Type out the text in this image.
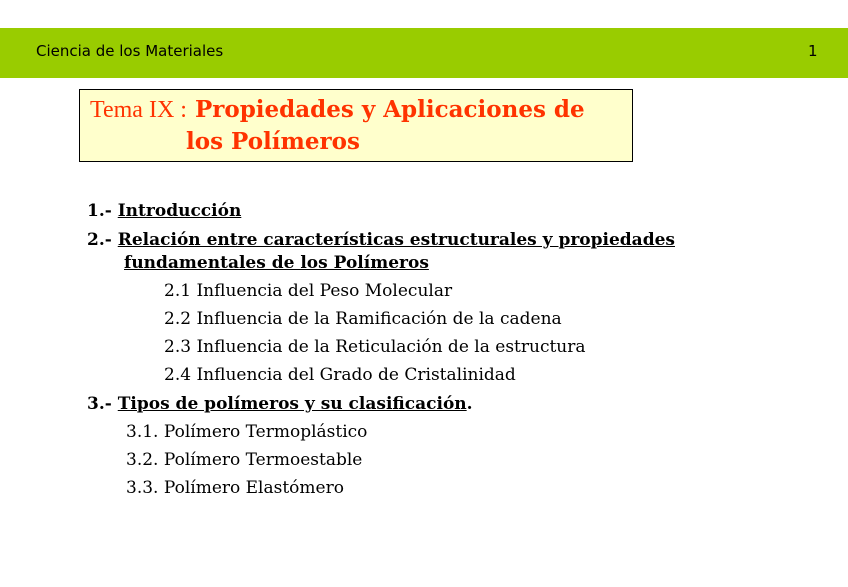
Ciencia de los Materiales	1
Tema IX : Propiedades y Aplicaciones de
los Polímeros
1.- Introducción
2.- Relación entre características estructurales y propiedades
fundamentales de los Polímeros
2.1 Influencia del Peso Molecular
2.2 Influencia de la Ramificación de la cadena
2.3 Influencia de la Reticulación de la estructura
2.4 Influencia del Grado de Cristalinidad
3.- Tipos de polímeros y su clasificación.
3.1. Polímero Termoplástico
3.2. Polímero Termoestable
3.3. Polímero Elastómero
